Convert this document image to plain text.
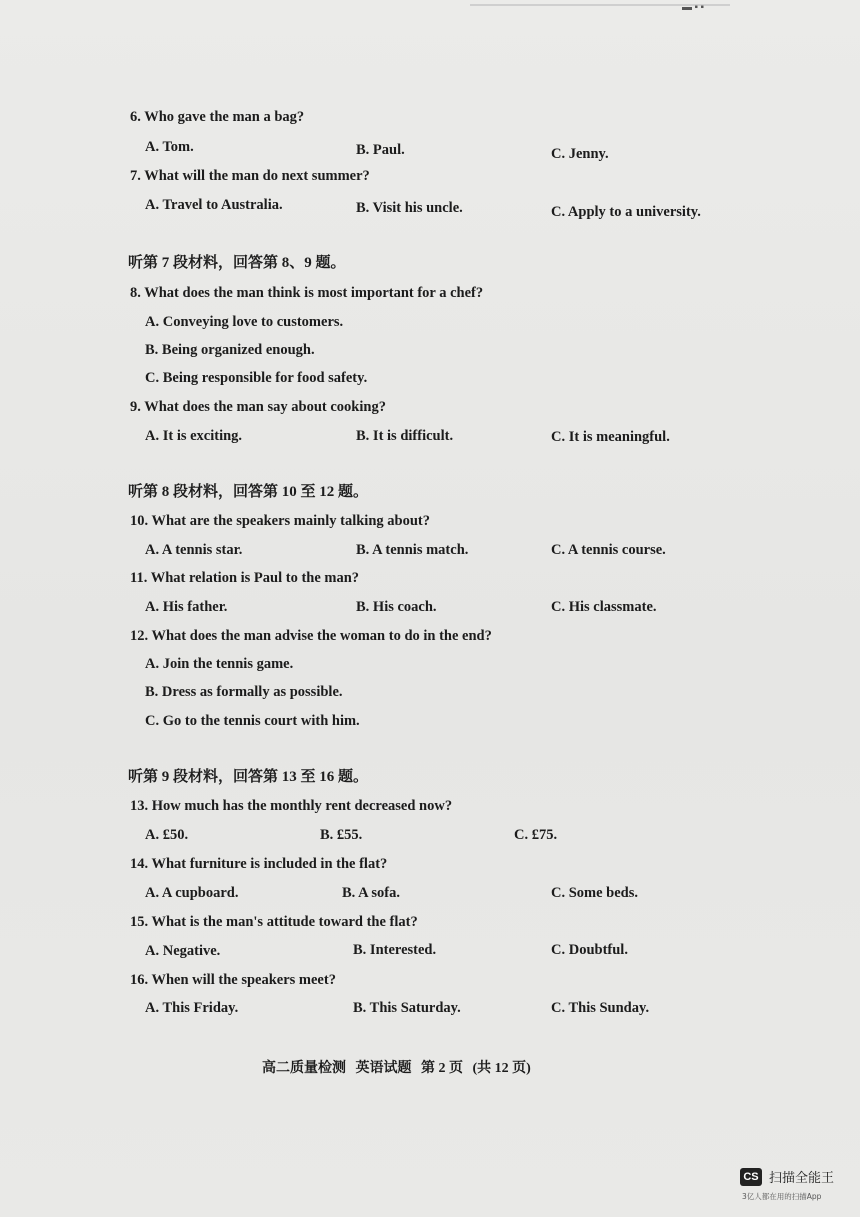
▬ ▪ ▪
6. Who gave the man a bag?
A. Tom.	B. Paul.	C. Jenny.
7. What will the man do next summer?
A. Travel to Australia.	B. Visit his uncle.	C. Apply to a university.
听第 7 段材料，回答第 8、9 题。
8. What does the man think is most important for a chef?
A. Conveying love to customers.
B. Being organized enough.
C. Being responsible for food safety.
9. What does the man say about cooking?
A. It is exciting.	B. It is difficult.	C. It is meaningful.
听第 8 段材料，回答第 10 至 12 题。
10. What are the speakers mainly talking about?
A. A tennis star.	B. A tennis match.	C. A tennis course.
11. What relation is Paul to the man?
A. His father.	B. His coach.	C. His classmate.
12. What does the man advise the woman to do in the end?
A. Join the tennis game.
B. Dress as formally as possible.
C. Go to the tennis court with him.
听第 9 段材料，回答第 13 至 16 题。
13. How much has the monthly rent decreased now?
A. £50.	B. £55.	C. £75.
14. What furniture is included in the flat?
A. A cupboard.	B. A sofa.	C. Some beds.
15. What is the man's attitude toward the flat?
A. Negative.	B. Interested.	C. Doubtful.
16. When will the speakers meet?
A. This Friday.	B. This Saturday.	C. This Sunday.
高二质量检测 英语试题 第 2 页 (共 12 页)
CS 扫描全能王
3亿人都在用的扫描App
